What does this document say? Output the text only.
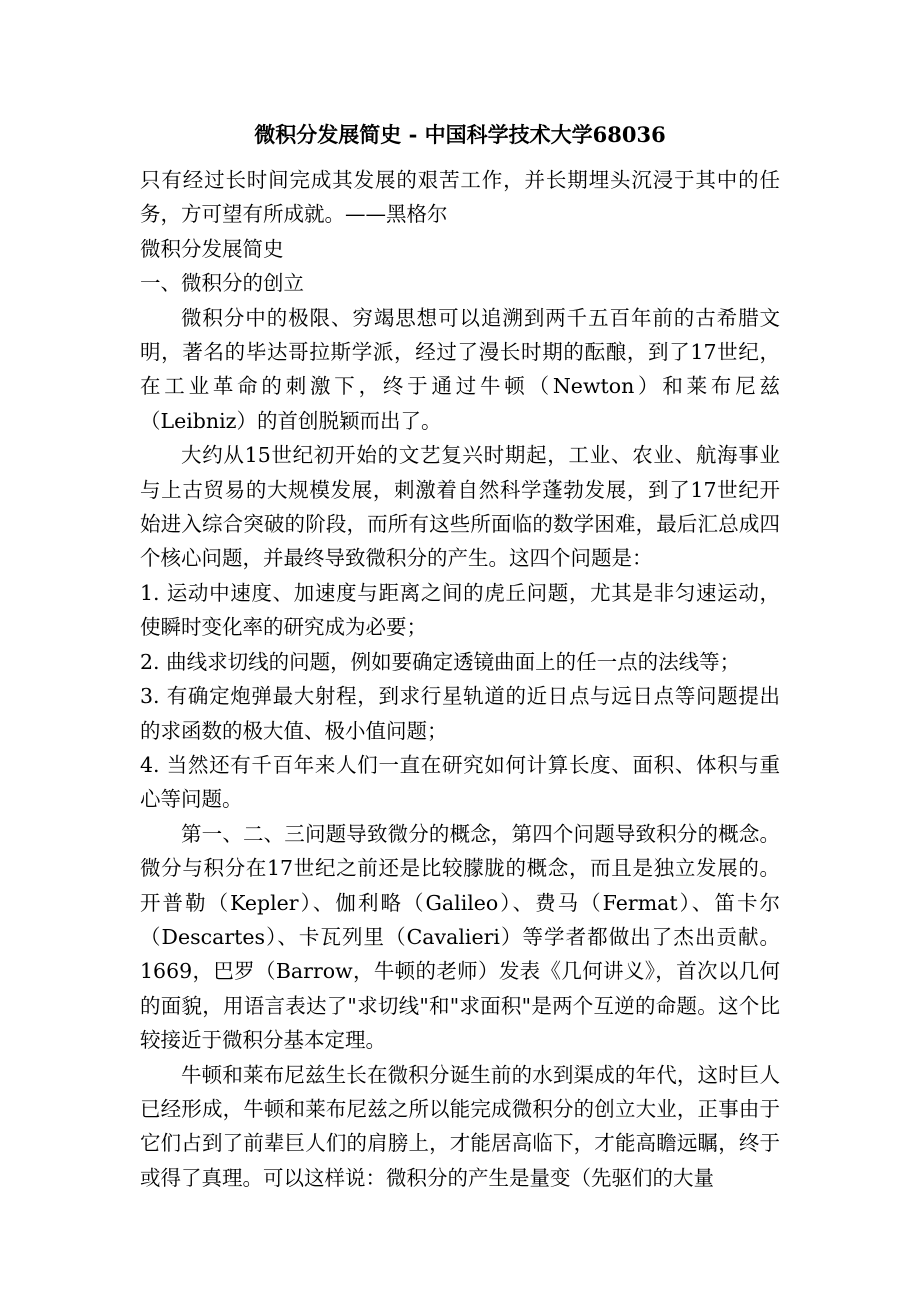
微积分发展简史 - 中国科学技术大学68036

只有经过长时间完成其发展的艰苦工作，并长期埋头沉浸于其中的任务，方可望有所成就。——黑格尔

微积分发展简史

一、微积分的创立

微积分中的极限、穷竭思想可以追溯到两千五百年前的古希腊文明，著名的毕达哥拉斯学派，经过了漫长时期的酝酿，到了17世纪，在工业革命的刺激下，终于通过牛顿（Newton）和莱布尼兹（Leibniz）的首创脱颖而出了。

大约从15世纪初开始的文艺复兴时期起，工业、农业、航海事业与上古贸易的大规模发展，刺激着自然科学蓬勃发展，到了17世纪开始进入综合突破的阶段，而所有这些所面临的数学困难，最后汇总成四个核心问题，并最终导致微积分的产生。这四个问题是：

1. 运动中速度、加速度与距离之间的虎丘问题，尤其是非匀速运动，使瞬时变化率的研究成为必要；

2. 曲线求切线的问题，例如要确定透镜曲面上的任一点的法线等；

3. 有确定炮弹最大射程，到求行星轨道的近日点与远日点等问题提出的求函数的极大值、极小值问题；

4. 当然还有千百年来人们一直在研究如何计算长度、面积、体积与重心等问题。

第一、二、三问题导致微分的概念，第四个问题导致积分的概念。微分与积分在17世纪之前还是比较朦胧的概念，而且是独立发展的。开普勒（Kepler）、伽利略（Galileo）、费马（Fermat）、笛卡尔（Descartes）、卡瓦列里（Cavalieri）等学者都做出了杰出贡献。 1669，巴罗（Barrow，牛顿的老师）发表《几何讲义》，首次以几何的面貌，用语言表达了"求切线"和"求面积"是两个互逆的命题。这个比较接近于微积分基本定理。

牛顿和莱布尼兹生长在微积分诞生前的水到渠成的年代，这时巨人已经形成，牛顿和莱布尼兹之所以能完成微积分的创立大业，正事由于它们占到了前辈巨人们的肩膀上，才能居高临下，才能高瞻远瞩，终于或得了真理。可以这样说：微积分的产生是量变（先驱们的大量
